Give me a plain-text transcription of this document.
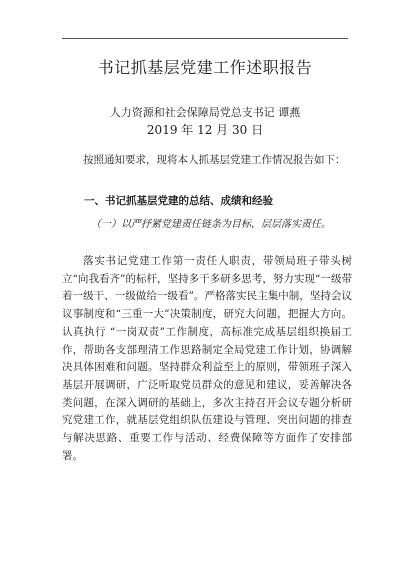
书记抓基层党建工作述职报告
人力资源和社会保障局党总支书记 谭燕
2019 年 12 月 30 日

按照通知要求，现将本人抓基层党建工作情况报告如下：

一、书记抓基层党建的总结、成绩和经验
（一）以严抒紧党建责任链条为目标，层层落实责任。

落实书记党建工作第一责任人职责，带领局班子带头树立“向我看齐”的标杆，坚持多干多研多思考，努力实现“一级带着一级干、一级做给一级看”。严格落实民主集中制，坚持会议议事制度和“三重一大”决策制度，研究大问题，把握大方向。认真执行 “一岗双责”工作制度，高标准完成基层组织换届工作，帮助各支部理清工作思路制定全局党建工作计划，协调解决具体困难和问题。坚持群众利益至上的原则，带领班子深入基层开展调研，广泛听取党员群众的意见和建议，妥善解决各类问题，在深入调研的基础上，多次主持召开会议专题分析研究党建工作，就基层党组织队伍建设与管理、突出问题的排查与解决思路、重要工作与活动、经费保障等方面作了安排部署。
